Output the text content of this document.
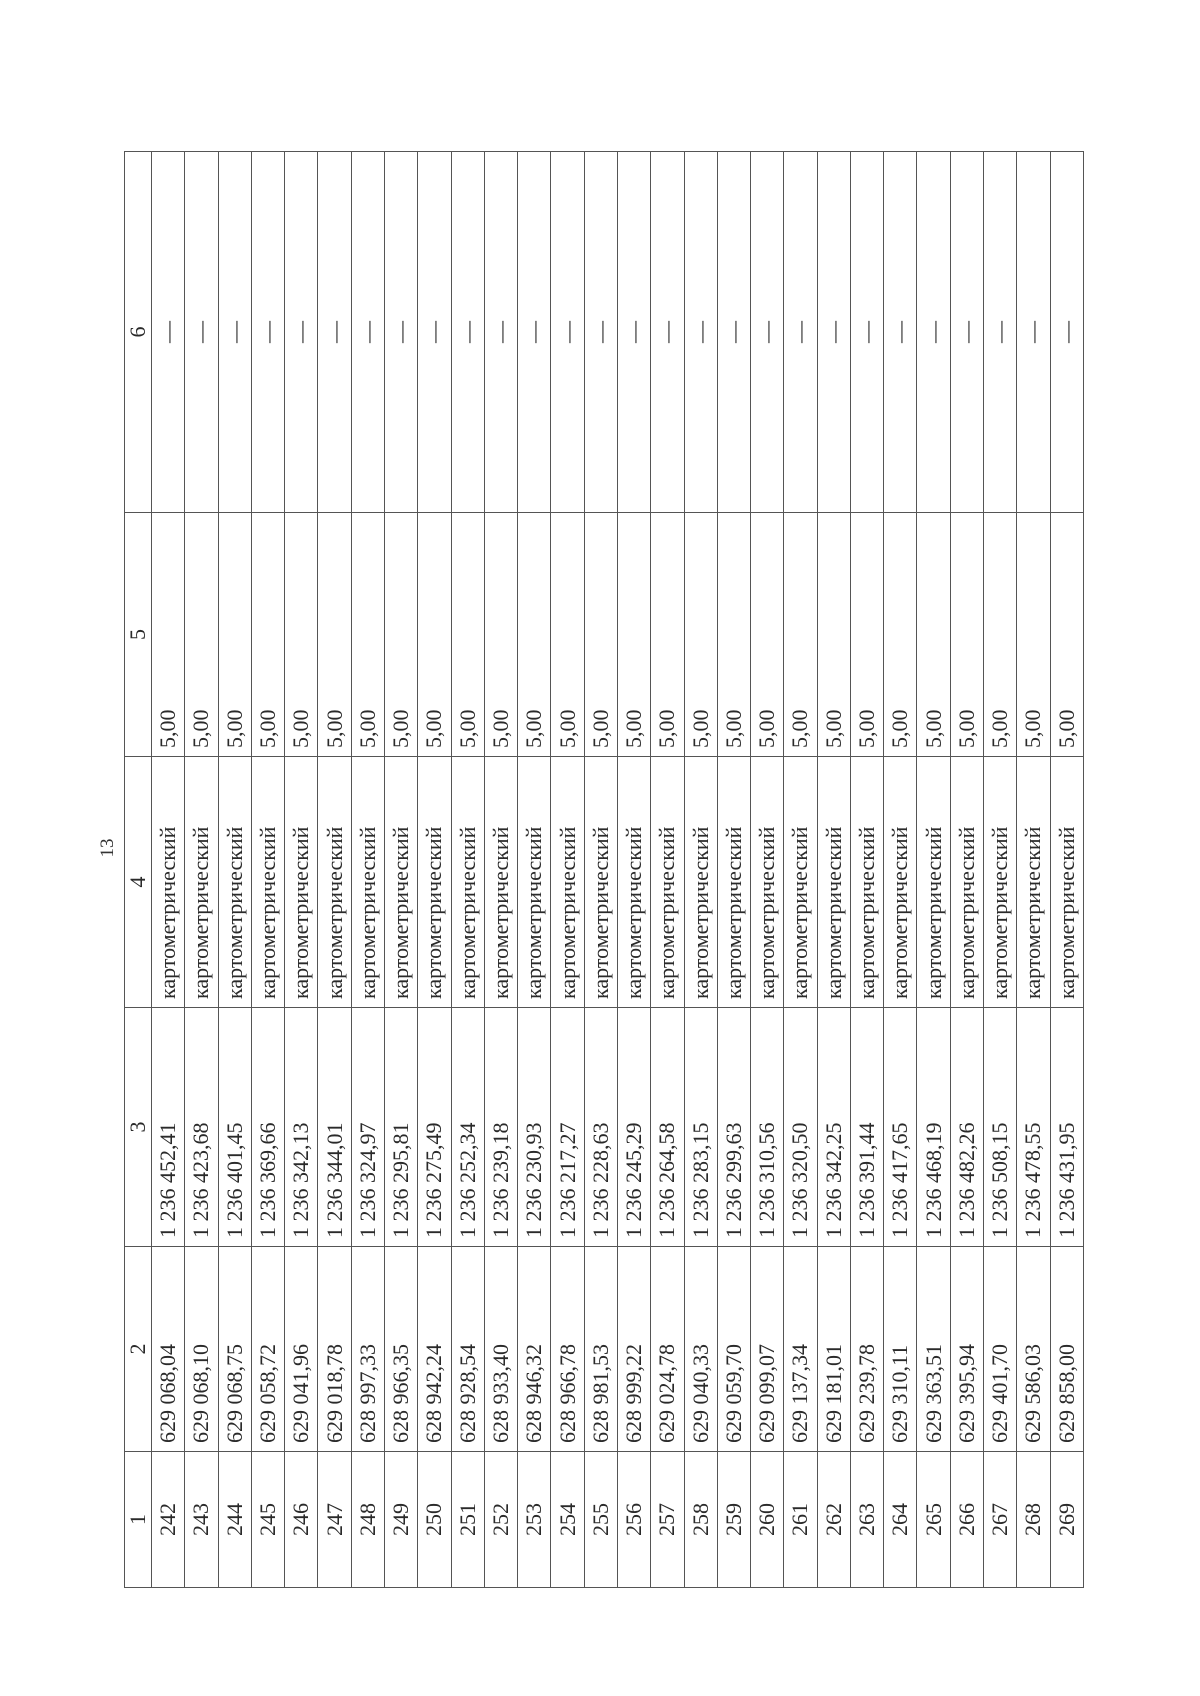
13
1	2	3	4	5	6
242	629 068,04	1 236 452,41	картометрический	5,00	—
243	629 068,10	1 236 423,68	картометрический	5,00	—
244	629 068,75	1 236 401,45	картометрический	5,00	—
245	629 058,72	1 236 369,66	картометрический	5,00	—
246	629 041,96	1 236 342,13	картометрический	5,00	—
247	629 018,78	1 236 344,01	картометрический	5,00	—
248	628 997,33	1 236 324,97	картометрический	5,00	—
249	628 966,35	1 236 295,81	картометрический	5,00	—
250	628 942,24	1 236 275,49	картометрический	5,00	—
251	628 928,54	1 236 252,34	картометрический	5,00	—
252	628 933,40	1 236 239,18	картометрический	5,00	—
253	628 946,32	1 236 230,93	картометрический	5,00	—
254	628 966,78	1 236 217,27	картометрический	5,00	—
255	628 981,53	1 236 228,63	картометрический	5,00	—
256	628 999,22	1 236 245,29	картометрический	5,00	—
257	629 024,78	1 236 264,58	картометрический	5,00	—
258	629 040,33	1 236 283,15	картометрический	5,00	—
259	629 059,70	1 236 299,63	картометрический	5,00	—
260	629 099,07	1 236 310,56	картометрический	5,00	—
261	629 137,34	1 236 320,50	картометрический	5,00	—
262	629 181,01	1 236 342,25	картометрический	5,00	—
263	629 239,78	1 236 391,44	картометрический	5,00	—
264	629 310,11	1 236 417,65	картометрический	5,00	—
265	629 363,51	1 236 468,19	картометрический	5,00	—
266	629 395,94	1 236 482,26	картометрический	5,00	—
267	629 401,70	1 236 508,15	картометрический	5,00	—
268	629 586,03	1 236 478,55	картометрический	5,00	—
269	629 858,00	1 236 431,95	картометрический	5,00	—
